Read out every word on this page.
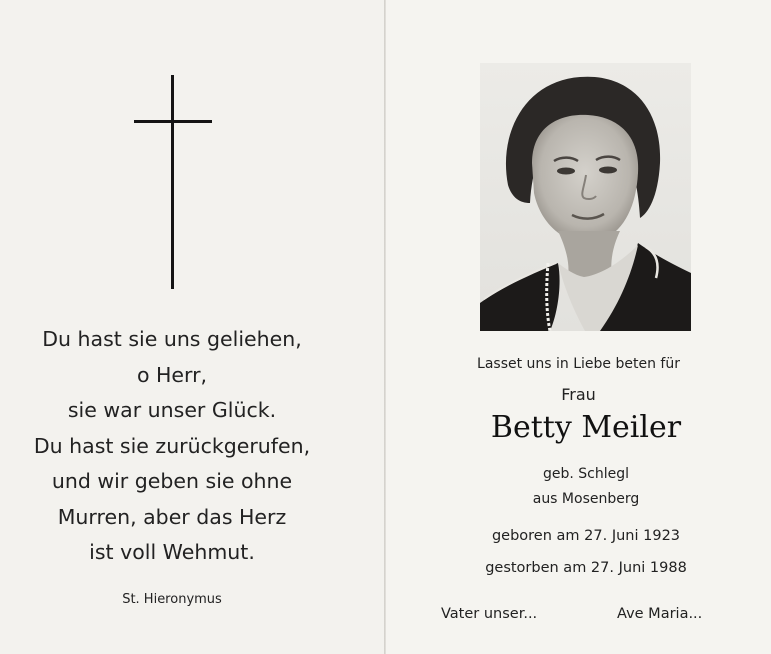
Du hast sie uns geliehen,
o Herr,
sie war unser Glück.
Du hast sie zurückgerufen,
und wir geben sie ohne
Murren, aber das Herz
ist voll Wehmut.
St. Hieronymus
Lasset uns in Liebe beten für
Frau
Betty Meiler
geb. Schlegl
aus Mosenberg
geboren am 27. Juni 1923
gestorben am 27. Juni 1988
Vater unser...	Ave Maria...
